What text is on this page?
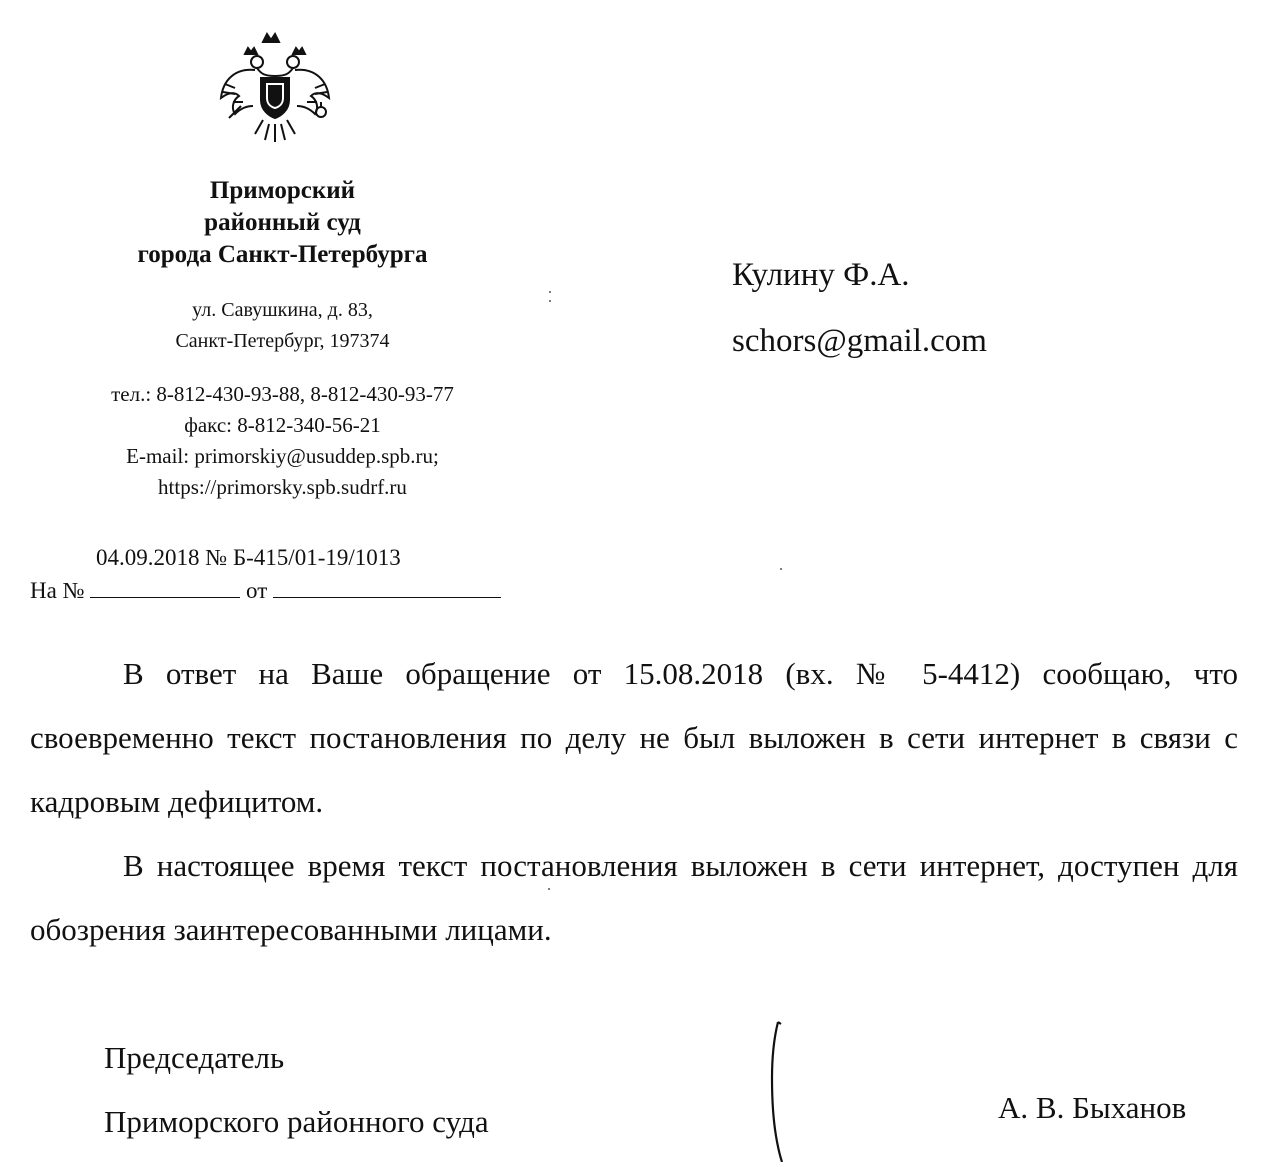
Приморский
районный суд
города Санкт-Петербурга
ул. Савушкина, д. 83,
Санкт-Петербург, 197374
тел.: 8-812-430-93-88, 8-812-430-93-77
факс: 8-812-340-56-21
E-mail: primorskiy@usuddep.spb.ru;
https://primorsky.spb.sudrf.ru
04.09.2018 № Б-415/01-19/1013
На №	от
Кулину Ф.А.
schors@gmail.com
В ответ на Ваше обращение от 15.08.2018 (вх. № 5-4412) сообщаю, что своевременно текст постановления по делу не был выложен в сети интернет в связи с кадровым дефицитом.
В настоящее время текст постановления выложен в сети интернет, доступен для обозрения заинтересованными лицами.
Председатель
Приморского районного суда	А. В. Быханов
